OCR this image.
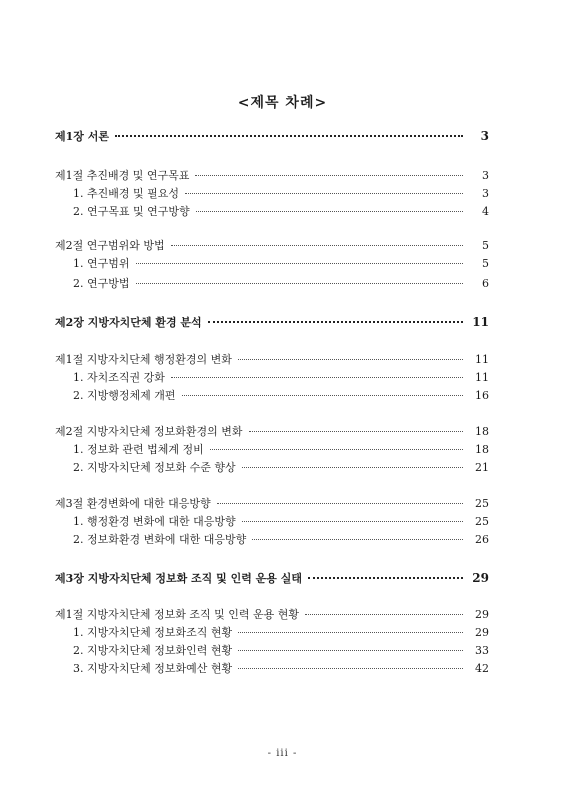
<제목 차례>
제1장 서론	3
제1절 추진배경 및 연구목표	3
1. 추진배경 및 필요성	3
2. 연구목표 및 연구방향	4
제2절 연구범위와 방법	5
1. 연구범위	5
2. 연구방법	6
제2장 지방자치단체 환경 분석	11
제1절 지방자치단체 행정환경의 변화	11
1. 자치조직권 강화	11
2. 지방행정체제 개편	16
제2절 지방자치단체 정보화환경의 변화	18
1. 정보화 관련 법체계 정비	18
2. 지방자치단체 정보화 수준 향상	21
제3절 환경변화에 대한 대응방향	25
1. 행정환경 변화에 대한 대응방향	25
2. 정보화환경 변화에 대한 대응방향	26
제3장 지방자치단체 정보화 조직 및 인력 운용 실태	29
제1절 지방자치단체 정보화 조직 및 인력 운용 현황	29
1. 지방자치단체 정보화조직 현황	29
2. 지방자치단체 정보화인력 현황	33
3. 지방자치단체 정보화예산 현황	42
- iii -
